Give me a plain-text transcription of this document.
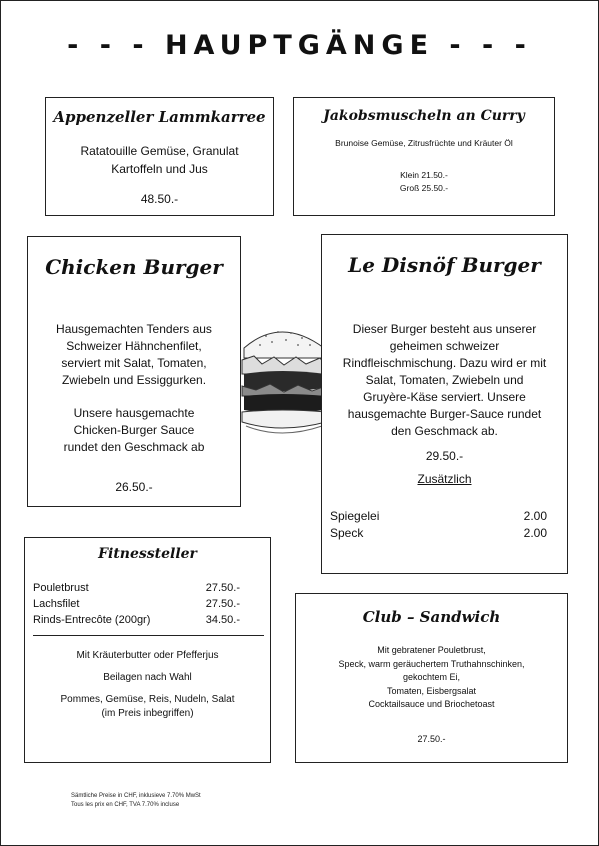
- - - HAUPTGÄNGE - - -
Appenzeller Lammkarree
Ratatouille Gemüse, Granulat
Kartoffeln und Jus
48.50.-
Jakobsmuscheln an Curry
Brunoise Gemüse, Zitrusfrüchte und Kräuter Öl
Klein 21.50.-
Groß 25.50.-
Chicken Burger
Hausgemachten Tenders aus
Schweizer Hähnchenfilet,
serviert mit Salat, Tomaten,
Zwiebeln und Essiggurken.
Unsere hausgemachte
Chicken-Burger Sauce
rundet den Geschmack ab
26.50.-
Le Disnöf Burger
Dieser Burger besteht aus unserer
geheimen schweizer
Rindfleischmischung. Dazu wird er mit
Salat, Tomaten, Zwiebeln und
Gruyère-Käse serviert. Unsere
hausgemachte Burger-Sauce rundet
den Geschmack ab.
29.50.-
Zusätzlich
Spiegelei	2.00
Speck	2.00
Fitnessteller
Pouletbrust	27.50.-
Lachsfilet	27.50.-
Rinds-Entrecôte (200gr)	34.50.-
Mit Kräuterbutter oder Pfefferjus
Beilagen nach Wahl
Pommes, Gemüse, Reis, Nudeln, Salat
(im Preis inbegriffen)
Club – Sandwich
Mit gebratener Pouletbrust,
Speck, warm geräuchertem Truthahnschinken,
gekochtem Ei,
Tomaten, Eisbergsalat
Cocktailsauce und Briochetoast
27.50.-
Sämtliche Preise in CHF, inklusieve 7.70% MwSt
Tous les prix en CHF, TVA 7.70% incluse
